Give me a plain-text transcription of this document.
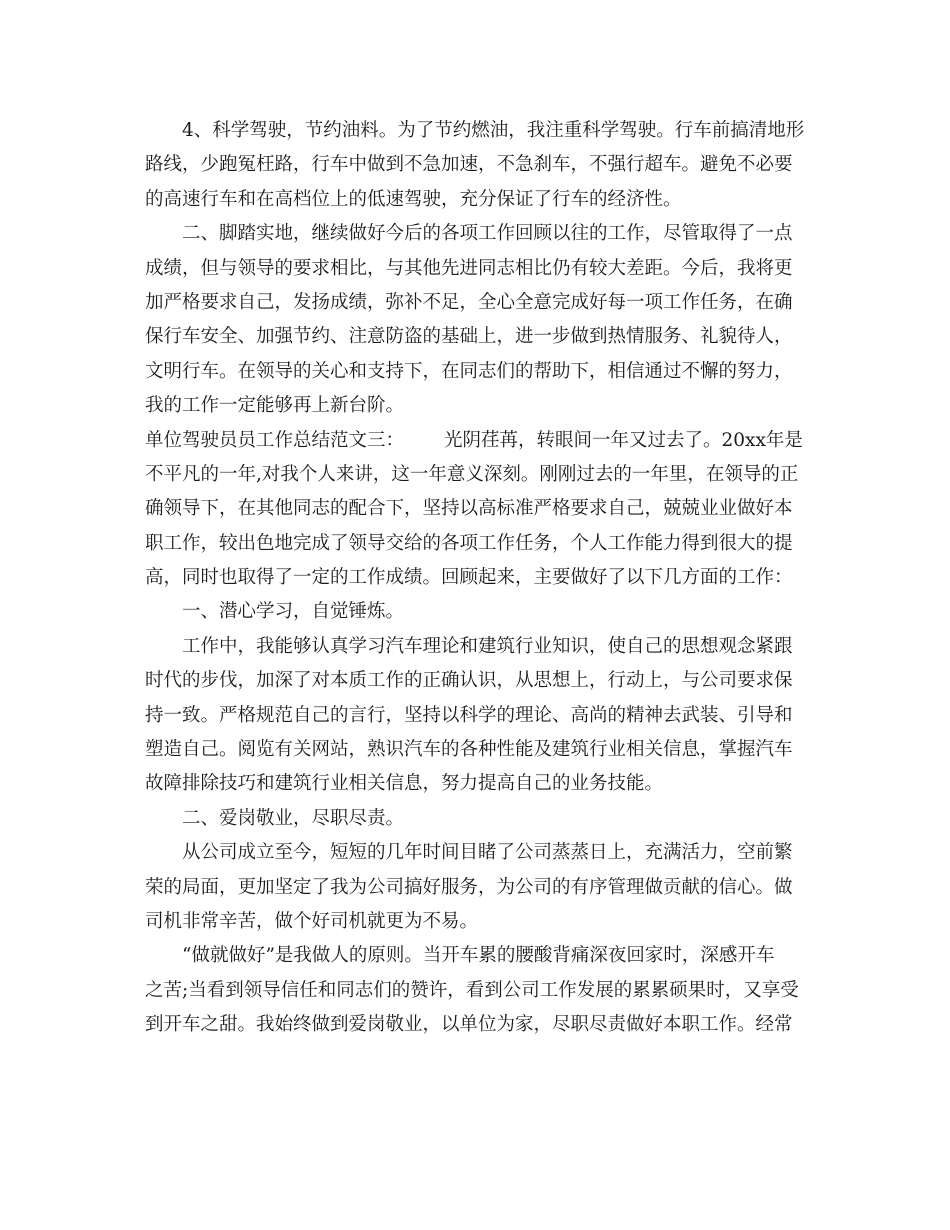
4、科学驾驶，节约油料。为了节约燃油，我注重科学驾驶。行车前搞清地形
路线，少跑冤枉路，行车中做到不急加速，不急刹车，不强行超车。避免不必要
的高速行车和在高档位上的低速驾驶，充分保证了行车的经济性。
二、脚踏实地，继续做好今后的各项工作回顾以往的工作，尽管取得了一点
成绩，但与领导的要求相比，与其他先进同志相比仍有较大差距。今后，我将更
加严格要求自己，发扬成绩，弥补不足，全心全意完成好每一项工作任务，在确
保行车安全、加强节约、注意防盗的基础上，进一步做到热情服务、礼貌待人，
文明行车。在领导的关心和支持下，在同志们的帮助下，相信通过不懈的努力，
我的工作一定能够再上新台阶。
单位驾驶员员工作总结范文三： 光阴荏苒，转眼间一年又过去了。20xx年是
不平凡的一年,对我个人来讲，这一年意义深刻。刚刚过去的一年里，在领导的正
确领导下，在其他同志的配合下，坚持以高标准严格要求自己，兢兢业业做好本
职工作，较出色地完成了领导交给的各项工作任务，个人工作能力得到很大的提
高，同时也取得了一定的工作成绩。回顾起来，主要做好了以下几方面的工作：
一、潜心学习，自觉锤炼。
工作中，我能够认真学习汽车理论和建筑行业知识，使自己的思想观念紧跟
时代的步伐，加深了对本质工作的正确认识，从思想上，行动上，与公司要求保
持一致。严格规范自己的言行，坚持以科学的理论、高尚的精神去武装、引导和
塑造自己。阅览有关网站，熟识汽车的各种性能及建筑行业相关信息，掌握汽车
故障排除技巧和建筑行业相关信息，努力提高自己的业务技能。
二、爱岗敬业，尽职尽责。
从公司成立至今，短短的几年时间目睹了公司蒸蒸日上，充满活力，空前繁
荣的局面，更加坚定了我为公司搞好服务，为公司的有序管理做贡献的信心。做
司机非常辛苦，做个好司机就更为不易。
“做就做好”是我做人的原则。当开车累的腰酸背痛深夜回家时，深感开车
之苦;当看到领导信任和同志们的赞许，看到公司工作发展的累累硕果时，又享受
到开车之甜。我始终做到爱岗敬业，以单位为家，尽职尽责做好本职工作。经常
